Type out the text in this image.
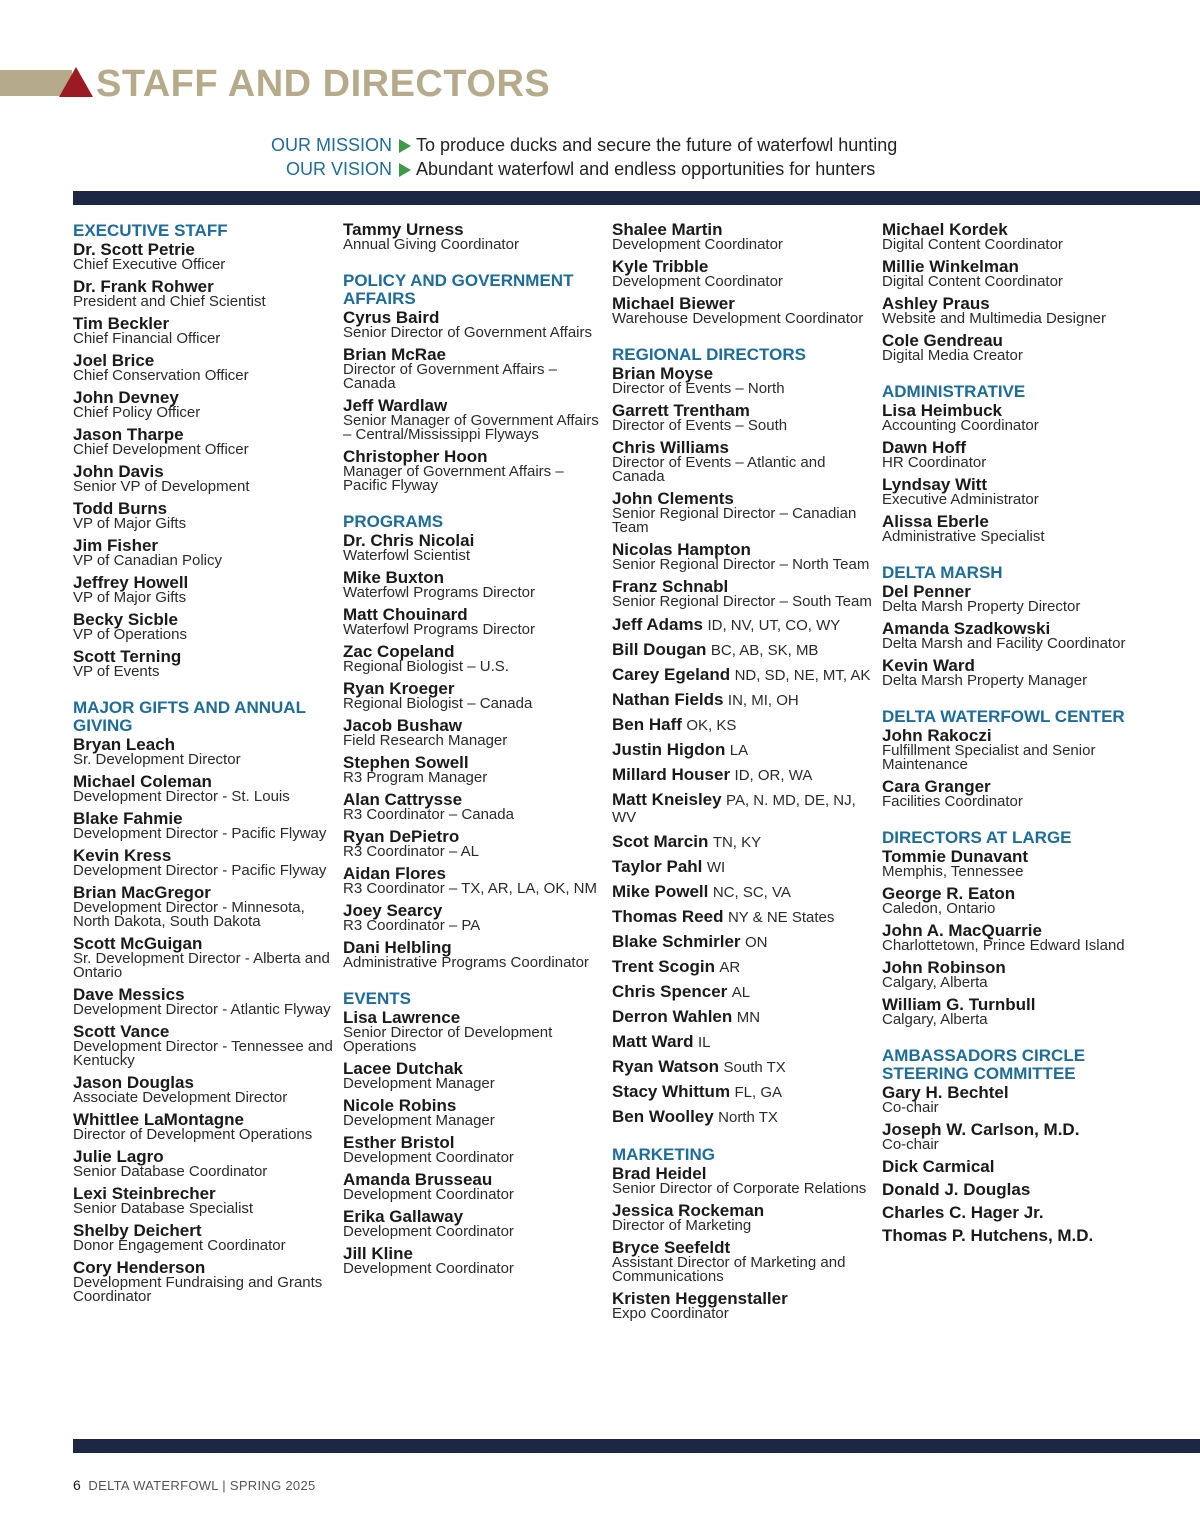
STAFF AND DIRECTORS
OUR MISSION To produce ducks and secure the future of waterfowl hunting
OUR VISION Abundant waterfowl and endless opportunities for hunters
EXECUTIVE STAFF
Dr. Scott Petrie
Chief Executive Officer
Dr. Frank Rohwer
President and Chief Scientist
Tim Beckler
Chief Financial Officer
Joel Brice
Chief Conservation Officer
John Devney
Chief Policy Officer
Jason Tharpe
Chief Development Officer
John Davis
Senior VP of Development
Todd Burns
VP of Major Gifts
Jim Fisher
VP of Canadian Policy
Jeffrey Howell
VP of Major Gifts
Becky Sicble
VP of Operations
Scott Terning
VP of Events
MAJOR GIFTS AND ANNUAL GIVING
Bryan Leach
Sr. Development Director
Michael Coleman
Development Director - St. Louis
Blake Fahmie
Development Director - Pacific Flyway
Kevin Kress
Development Director - Pacific Flyway
Brian MacGregor
Development Director - Minnesota, North Dakota, South Dakota
Scott McGuigan
Sr. Development Director - Alberta and Ontario
Dave Messics
Development Director - Atlantic Flyway
Scott Vance
Development Director - Tennessee and Kentucky
Jason Douglas
Associate Development Director
Whittlee LaMontagne
Director of Development Operations
Julie Lagro
Senior Database Coordinator
Lexi Steinbrecher
Senior Database Specialist
Shelby Deichert
Donor Engagement Coordinator
Cory Henderson
Development Fundraising and Grants Coordinator
Tammy Urness
Annual Giving Coordinator
POLICY AND GOVERNMENT AFFAIRS
Cyrus Baird
Senior Director of Government Affairs
Brian McRae
Director of Government Affairs – Canada
Jeff Wardlaw
Senior Manager of Government Affairs – Central/Mississippi Flyways
Christopher Hoon
Manager of Government Affairs – Pacific Flyway
PROGRAMS
Dr. Chris Nicolai
Waterfowl Scientist
Mike Buxton
Waterfowl Programs Director
Matt Chouinard
Waterfowl Programs Director
Zac Copeland
Regional Biologist – U.S.
Ryan Kroeger
Regional Biologist – Canada
Jacob Bushaw
Field Research Manager
Stephen Sowell
R3 Program Manager
Alan Cattrysse
R3 Coordinator – Canada
Ryan DePietro
R3 Coordinator – AL
Aidan Flores
R3 Coordinator – TX, AR, LA, OK, NM
Joey Searcy
R3 Coordinator – PA
Dani Helbling
Administrative Programs Coordinator
EVENTS
Lisa Lawrence
Senior Director of Development Operations
Lacee Dutchak
Development Manager
Nicole Robins
Development Manager
Esther Bristol
Development Coordinator
Amanda Brusseau
Development Coordinator
Erika Gallaway
Development Coordinator
Jill Kline
Development Coordinator
Shalee Martin
Development Coordinator
Kyle Tribble
Development Coordinator
Michael Biewer
Warehouse Development Coordinator
REGIONAL DIRECTORS
Brian Moyse
Director of Events – North
Garrett Trentham
Director of Events – South
Chris Williams
Director of Events – Atlantic and Canada
John Clements
Senior Regional Director – Canadian Team
Nicolas Hampton
Senior Regional Director – North Team
Franz Schnabl
Senior Regional Director – South Team
Jeff Adams ID, NV, UT, CO, WY
Bill Dougan BC, AB, SK, MB
Carey Egeland ND, SD, NE, MT, AK
Nathan Fields IN, MI, OH
Ben Haff OK, KS
Justin Higdon LA
Millard Houser ID, OR, WA
Matt Kneisley PA, N. MD, DE, NJ, WV
Scot Marcin TN, KY
Taylor Pahl WI
Mike Powell NC, SC, VA
Thomas Reed NY & NE States
Blake Schmirler ON
Trent Scogin AR
Chris Spencer AL
Derron Wahlen MN
Matt Ward IL
Ryan Watson South TX
Stacy Whittum FL, GA
Ben Woolley North TX
MARKETING
Brad Heidel
Senior Director of Corporate Relations
Jessica Rockeman
Director of Marketing
Bryce Seefeldt
Assistant Director of Marketing and Communications
Kristen Heggenstaller
Expo Coordinator
Michael Kordek
Digital Content Coordinator
Millie Winkelman
Digital Content Coordinator
Ashley Praus
Website and Multimedia Designer
Cole Gendreau
Digital Media Creator
ADMINISTRATIVE
Lisa Heimbuck
Accounting Coordinator
Dawn Hoff
HR Coordinator
Lyndsay Witt
Executive Administrator
Alissa Eberle
Administrative Specialist
DELTA MARSH
Del Penner
Delta Marsh Property Director
Amanda Szadkowski
Delta Marsh and Facility Coordinator
Kevin Ward
Delta Marsh Property Manager
DELTA WATERFOWL CENTER
John Rakoczi
Fulfillment Specialist and Senior Maintenance
Cara Granger
Facilities Coordinator
DIRECTORS AT LARGE
Tommie Dunavant
Memphis, Tennessee
George R. Eaton
Caledon, Ontario
John A. MacQuarrie
Charlottetown, Prince Edward Island
John Robinson
Calgary, Alberta
William G. Turnbull
Calgary, Alberta
AMBASSADORS CIRCLE STEERING COMMITTEE
Gary H. Bechtel
Co-chair
Joseph W. Carlson, M.D.
Co-chair
Dick Carmical
Donald J. Douglas
Charles C. Hager Jr.
Thomas P. Hutchens, M.D.
6 DELTA WATERFOWL | SPRING 2025
